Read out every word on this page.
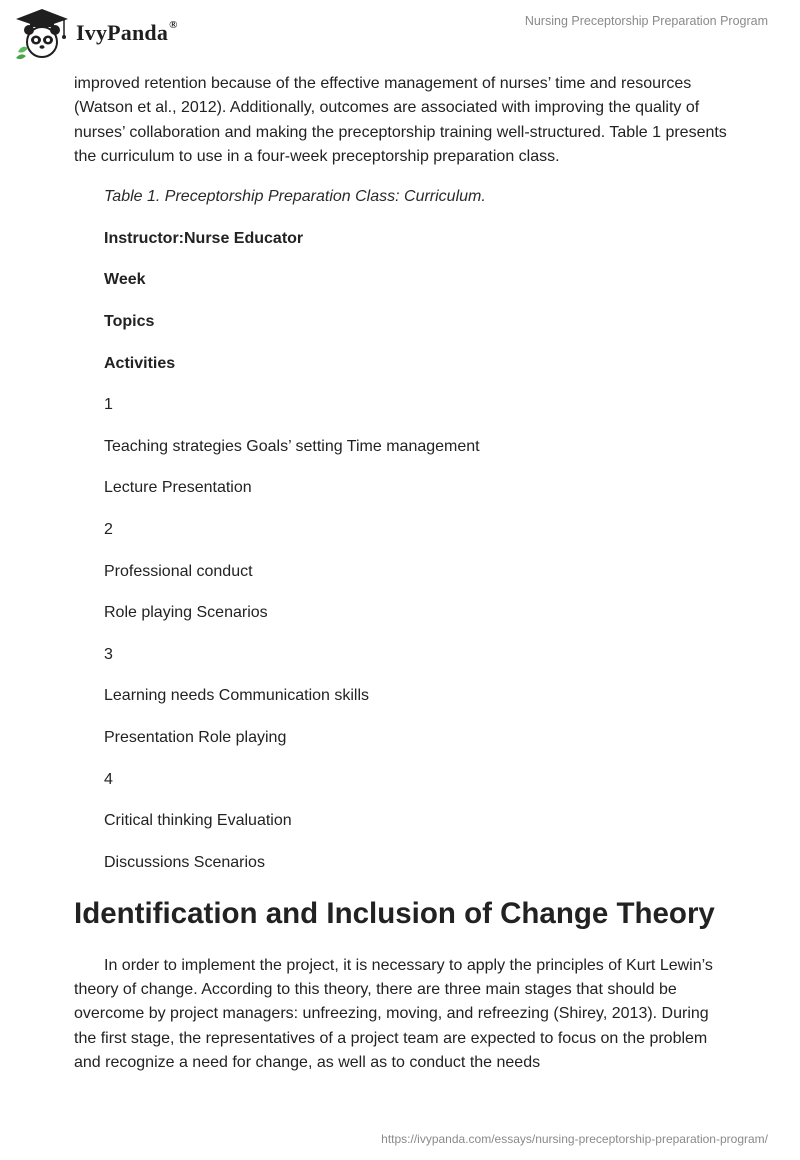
IvyPanda®	Nursing Preceptorship Preparation Program

improved retention because of the effective management of nurses’ time and resources (Watson et al., 2012). Additionally, outcomes are associated with improving the quality of nurses’ collaboration and making the preceptorship training well-structured. Table 1 presents the curriculum to use in a four-week preceptorship preparation class.

Table 1. Preceptorship Preparation Class: Curriculum.

Instructor:Nurse Educator

Week

Topics

Activities

1

Teaching strategies Goals’ setting Time management

Lecture Presentation

2

Professional conduct

Role playing Scenarios

3

Learning needs Communication skills

Presentation Role playing

4

Critical thinking Evaluation

Discussions Scenarios

Identification and Inclusion of Change Theory

In order to implement the project, it is necessary to apply the principles of Kurt Lewin’s theory of change. According to this theory, there are three main stages that should be overcome by project managers: unfreezing, moving, and refreezing (Shirey, 2013). During the first stage, the representatives of a project team are expected to focus on the problem and recognize a need for change, as well as to conduct the needs

https://ivypanda.com/essays/nursing-preceptorship-preparation-program/
